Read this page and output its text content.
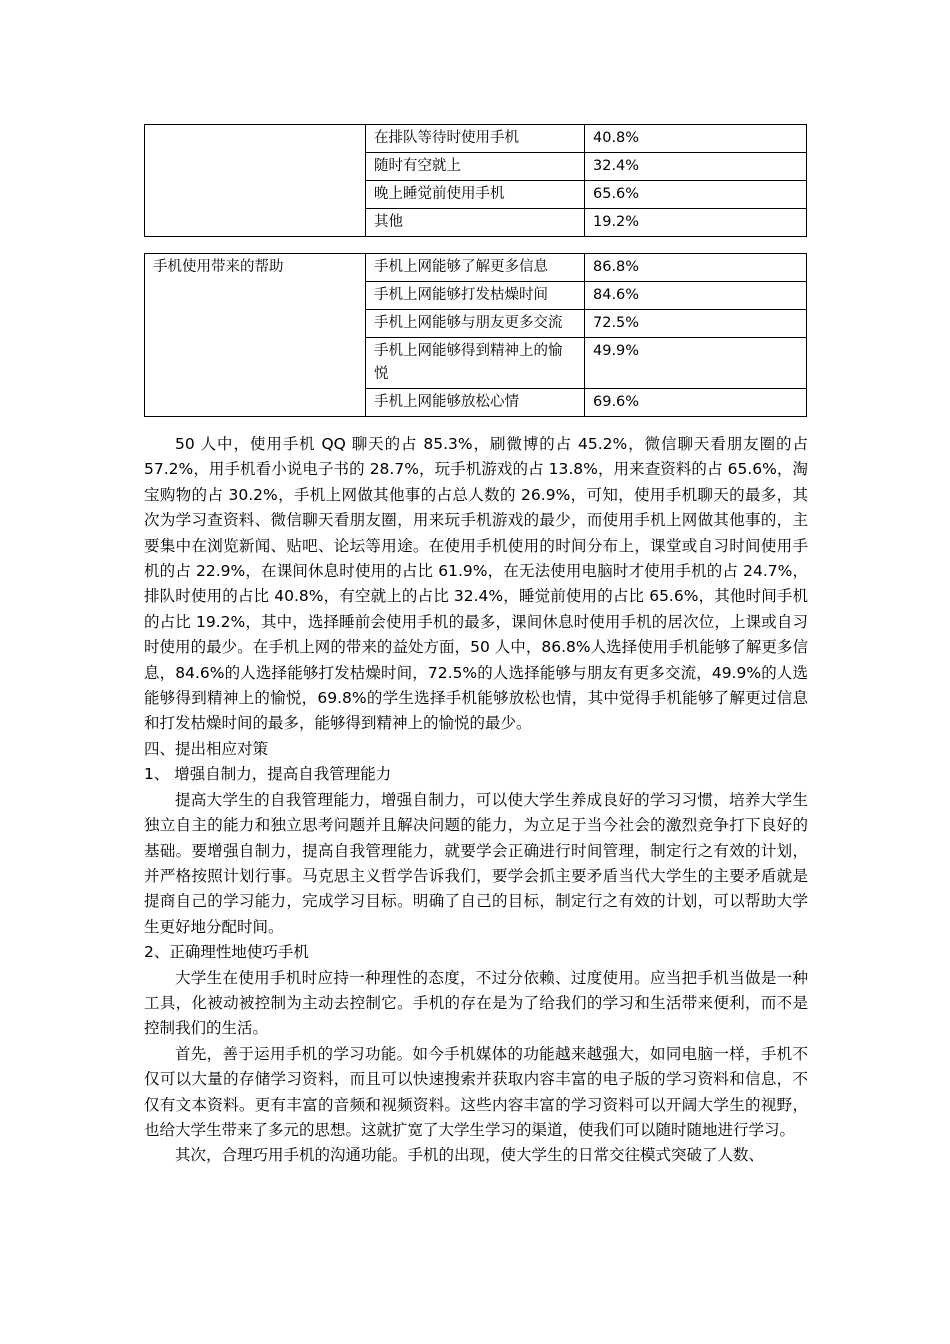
	在排队等待时使用手机	40.8%
	随时有空就上	32.4%
	晚上睡觉前使用手机	65.6%
	其他	19.2%
手机使用带来的帮助	手机上网能够了解更多信息	86.8%
	手机上网能够打发枯燥时间	84.6%
	手机上网能够与朋友更多交流	72.5%
	手机上网能够得到精神上的愉悦	49.9%
	手机上网能够放松心情	69.6%

50 人中，使用手机 QQ 聊天的占 85.3%，刷微博的占 45.2%，微信聊天看朋友圈的占 57.2%，用手机看小说电子书的 28.7%，玩手机游戏的占 13.8%，用来查资料的占 65.6%，淘宝购物的占 30.2%，手机上网做其他事的占总人数的 26.9%，可知，使用手机聊天的最多，其次为学习查资料、微信聊天看朋友圈，用来玩手机游戏的最少，而使用手机上网做其他事的，主要集中在浏览新闻、贴吧、论坛等用途。在使用手机使用的时间分布上，课堂或自习时间使用手机的占 22.9%，在课间休息时使用的占比 61.9%，在无法使用电脑时才使用手机的占 24.7%，排队时使用的占比 40.8%，有空就上的占比 32.4%，睡觉前使用的占比 65.6%，其他时间手机的占比 19.2%，其中，选择睡前会使用手机的最多，课间休息时使用手机的居次位，上课或自习时使用的最少。在手机上网的带来的益处方面，50 人中，86.8%人选择使用手机能够了解更多信息，84.6%的人选择能够打发枯燥时间，72.5%的人选择能够与朋友有更多交流，49.9%的人选能够得到精神上的愉悦，69.8%的学生选择手机能够放松也情，其中觉得手机能够了解更过信息和打发枯燥时间的最多，能够得到精神上的愉悦的最少。

四、提出相应对策

1、 增强自制力，提高自我管理能力

提高大学生的自我管理能力，增强自制力，可以使大学生养成良好的学习习惯，培养大学生独立自主的能力和独立思考问题并且解决问题的能力，为立足于当今社会的激烈竞争打下良好的基础。要增强自制力，提高自我管理能力，就要学会正确进行时间管理，制定行之有效的计划，并严格按照计划行事。马克思主义哲学告诉我们，要学会抓主要矛盾当代大学生的主要矛盾就是提商自己的学习能力，完成学习目标。明确了自己的目标，制定行之有效的计划，可以帮助大学生更好地分配时间。

2、正确理性地使巧手机

大学生在使用手机时应持一种理性的态度，不过分依赖、过度使用。应当把手机当做是一种工具，化被动被控制为主动去控制它。手机的存在是为了给我们的学习和生活带来便利，而不是控制我们的生活。

首先，善于运用手机的学习功能。如今手机媒体的功能越来越强大，如同电脑一样，手机不仅可以大量的存储学习资料，而且可以快速搜索并获取内容丰富的电子版的学习资料和信息，不仅有文本资料。更有丰富的音频和视频资料。这些内容丰富的学习资料可以开阔大学生的视野，也给大学生带来了多元的思想。这就扩宽了大学生学习的渠道，使我们可以随时随地进行学习。

其次，合理巧用手机的沟通功能。手机的出现，使大学生的日常交往模式突破了人数、
